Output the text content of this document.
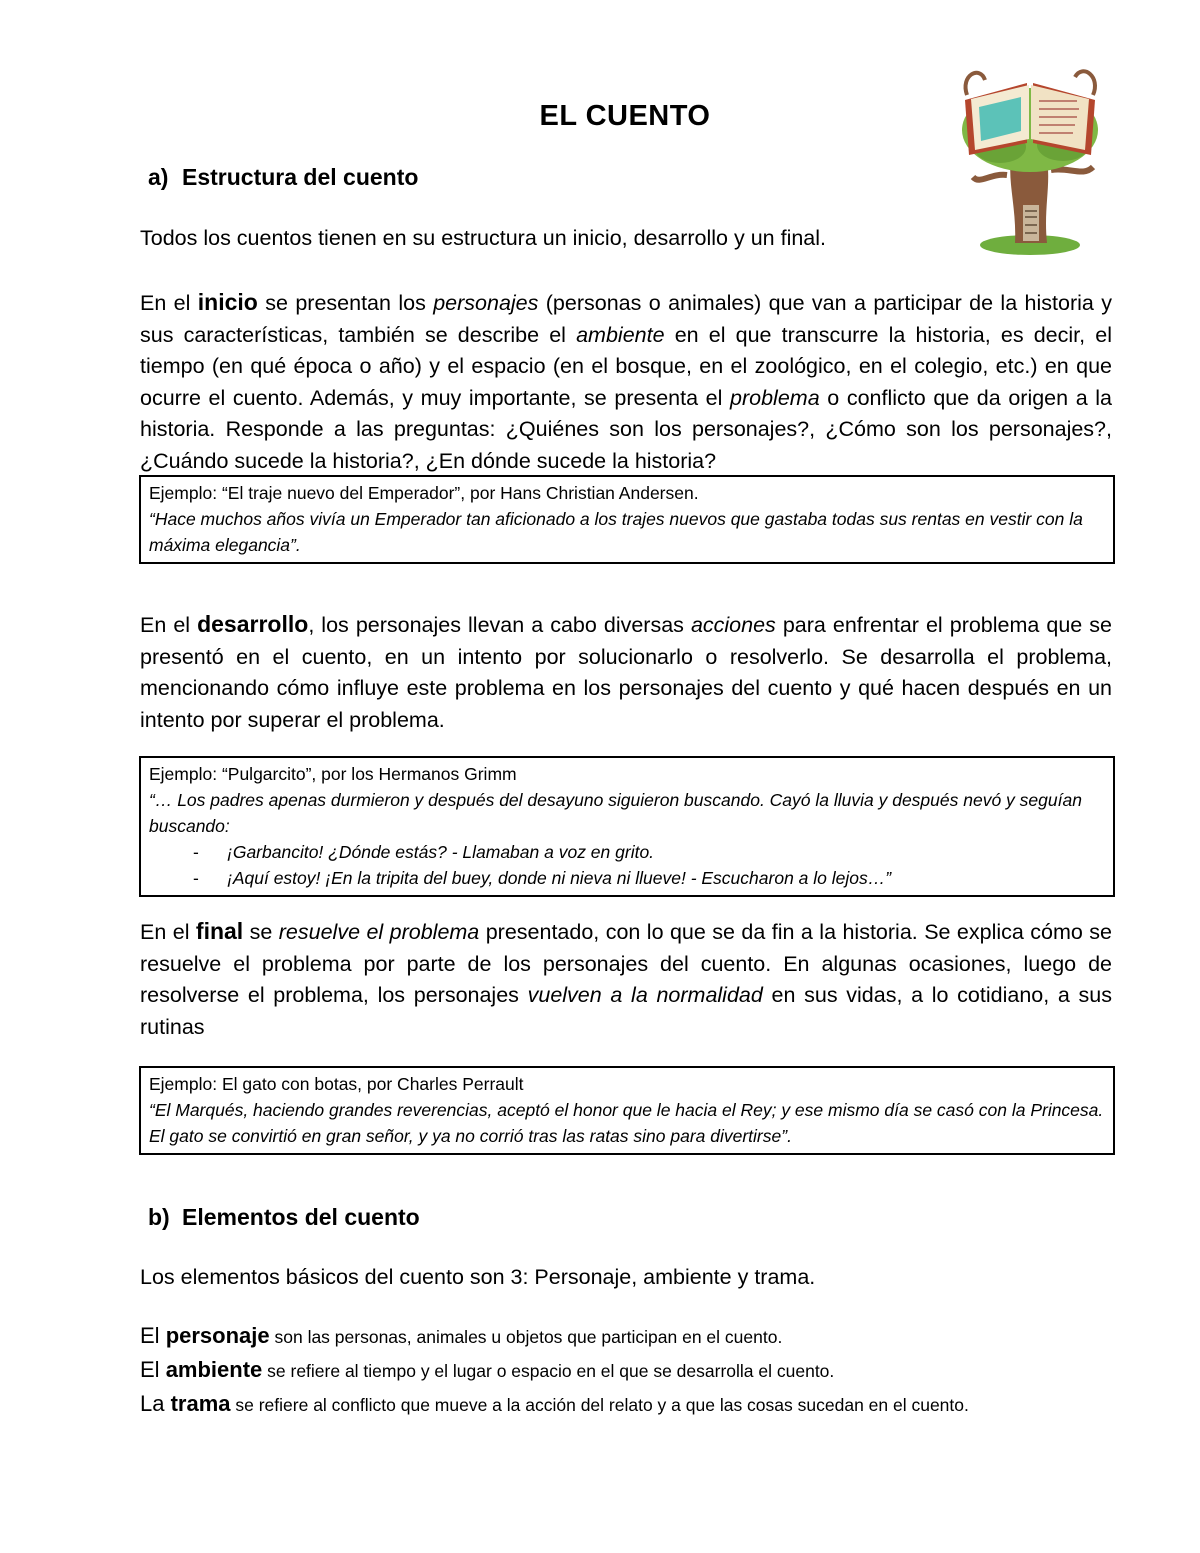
EL CUENTO
a) Estructura del cuento

Todos los cuentos tienen en su estructura un inicio, desarrollo y un final.

En el inicio se presentan los personajes (personas o animales) que van a participar de la historia y sus características, también se describe el ambiente en el que transcurre la historia, es decir, el tiempo (en qué época o año) y el espacio (en el bosque, en el zoológico, en el colegio, etc.) en que ocurre el cuento. Además, y muy importante, se presenta el problema o conflicto que da origen a la historia. Responde a las preguntas: ¿Quiénes son los personajes?, ¿Cómo son los personajes?, ¿Cuándo sucede la historia?, ¿En dónde sucede la historia?

Ejemplo: “El traje nuevo del Emperador”, por Hans Christian Andersen.
“Hace muchos años vivía un Emperador tan aficionado a los trajes nuevos que gastaba todas sus rentas en vestir con la máxima elegancia”.

En el desarrollo, los personajes llevan a cabo diversas acciones para enfrentar el problema que se presentó en el cuento, en un intento por solucionarlo o resolverlo. Se desarrolla el problema, mencionando cómo influye este problema en los personajes del cuento y qué hacen después en un intento por superar el problema.

Ejemplo: “Pulgarcito”, por los Hermanos Grimm
“… Los padres apenas durmieron y después del desayuno siguieron buscando. Cayó la lluvia y después nevó y seguían buscando:
- ¡Garbancito! ¿Dónde estás? - Llamaban a voz en grito.
- ¡Aquí estoy! ¡En la tripita del buey, donde ni nieva ni llueve! - Escucharon a lo lejos…”

En el final se resuelve el problema presentado, con lo que se da fin a la historia. Se explica cómo se resuelve el problema por parte de los personajes del cuento. En algunas ocasiones, luego de resolverse el problema, los personajes vuelven a la normalidad en sus vidas, a lo cotidiano, a sus rutinas

Ejemplo: El gato con botas, por Charles Perrault
“El Marqués, haciendo grandes reverencias, aceptó el honor que le hacia el Rey; y ese mismo día se casó con la Princesa. El gato se convirtió en gran señor, y ya no corrió tras las ratas sino para divertirse”.
b) Elementos del cuento

Los elementos básicos del cuento son 3: Personaje, ambiente y trama.

El personaje son las personas, animales u objetos que participan en el cuento.
El ambiente se refiere al tiempo y el lugar o espacio en el que se desarrolla el cuento.
La trama se refiere al conflicto que mueve a la acción del relato y a que las cosas sucedan en el cuento.
